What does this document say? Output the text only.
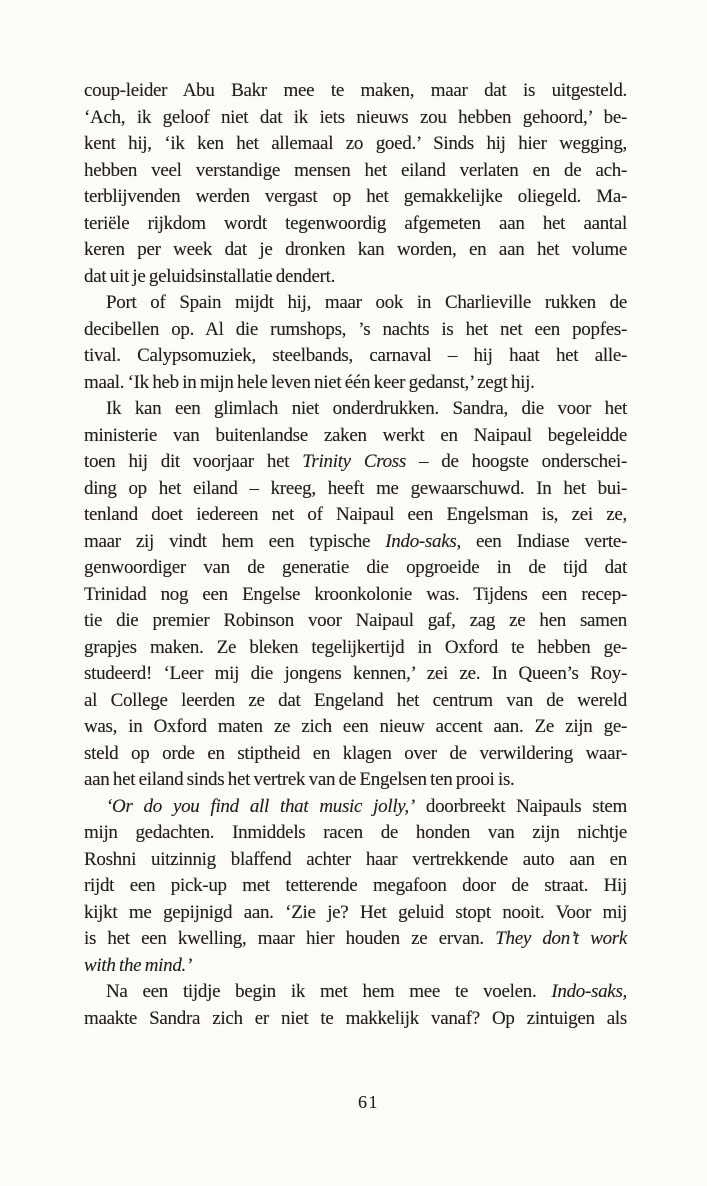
coup-leider Abu Bakr mee te maken, maar dat is uitgesteld.
‘Ach, ik geloof niet dat ik iets nieuws zou hebben gehoord,’ be-
kent hij, ‘ik ken het allemaal zo goed.’ Sinds hij hier wegging,
hebben veel verstandige mensen het eiland verlaten en de ach-
terblijvenden werden vergast op het gemakkelijke oliegeld. Ma-
teriële rijkdom wordt tegenwoordig afgemeten aan het aantal
keren per week dat je dronken kan worden, en aan het volume
dat uit je geluidsinstallatie dendert.
Port of Spain mijdt hij, maar ook in Charlieville rukken de
decibellen op. Al die rumshops, ’s nachts is het net een popfes-
tival. Calypsomuziek, steelbands, carnaval – hij haat het alle-
maal. ‘Ik heb in mijn hele leven niet één keer gedanst,’ zegt hij.
Ik kan een glimlach niet onderdrukken. Sandra, die voor het
ministerie van buitenlandse zaken werkt en Naipaul begeleidde
toen hij dit voorjaar het Trinity Cross – de hoogste onderschei-
ding op het eiland – kreeg, heeft me gewaarschuwd. In het bui-
tenland doet iedereen net of Naipaul een Engelsman is, zei ze,
maar zij vindt hem een typische Indo-saks, een Indiase verte-
genwoordiger van de generatie die opgroeide in de tijd dat
Trinidad nog een Engelse kroonkolonie was. Tijdens een recep-
tie die premier Robinson voor Naipaul gaf, zag ze hen samen
grapjes maken. Ze bleken tegelijkertijd in Oxford te hebben ge-
studeerd! ‘Leer mij die jongens kennen,’ zei ze. In Queen’s Roy-
al College leerden ze dat Engeland het centrum van de wereld
was, in Oxford maten ze zich een nieuw accent aan. Ze zijn ge-
steld op orde en stiptheid en klagen over de verwildering waar-
aan het eiland sinds het vertrek van de Engelsen ten prooi is.
‘Or do you find all that music jolly,’ doorbreekt Naipauls stem
mijn gedachten. Inmiddels racen de honden van zijn nichtje
Roshni uitzinnig blaffend achter haar vertrekkende auto aan en
rijdt een pick-up met tetterende megafoon door de straat. Hij
kijkt me gepijnigd aan. ‘Zie je? Het geluid stopt nooit. Voor mij
is het een kwelling, maar hier houden ze ervan. They don’t work
with the mind.’
Na een tijdje begin ik met hem mee te voelen. Indo-saks,
maakte Sandra zich er niet te makkelijk vanaf? Op zintuigen als
61
